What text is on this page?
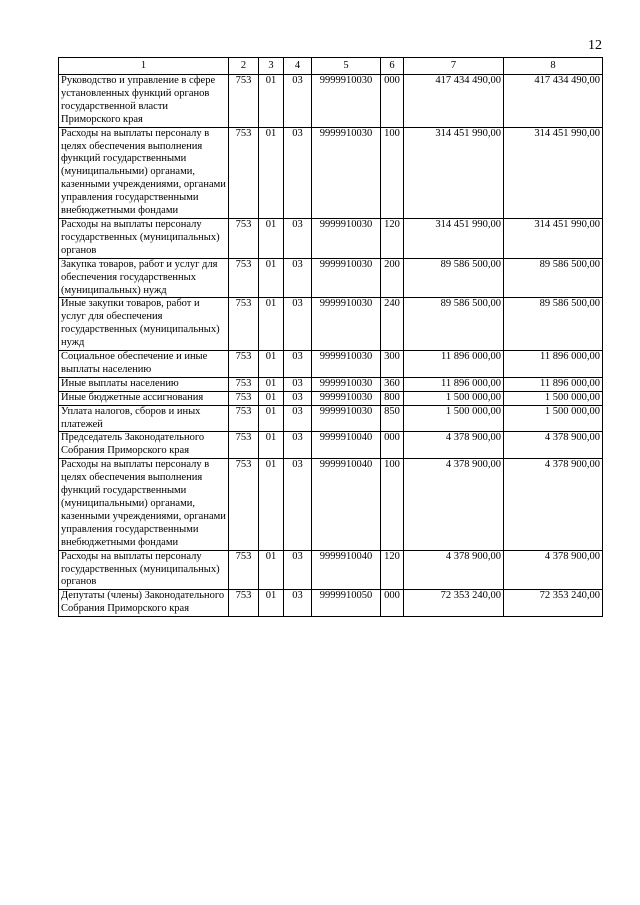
12
1	2	3	4	5	6	7	8
Руководство и управление в сфере установленных функций органов государственной власти Приморского края	753	01	03	9999910030	000	417 434 490,00	417 434 490,00
Расходы на выплаты персоналу в целях обеспечения выполнения функций государственными (муниципальными) органами, казенными учреждениями, органами управления государственными внебюджетными фондами	753	01	03	9999910030	100	314 451 990,00	314 451 990,00
Расходы на выплаты персоналу государственных (муниципальных) органов	753	01	03	9999910030	120	314 451 990,00	314 451 990,00
Закупка товаров, работ и услуг для обеспечения государственных (муниципальных) нужд	753	01	03	9999910030	200	89 586 500,00	89 586 500,00
Иные закупки товаров, работ и услуг для обеспечения государственных (муниципальных) нужд	753	01	03	9999910030	240	89 586 500,00	89 586 500,00
Социальное обеспечение и иные выплаты населению	753	01	03	9999910030	300	11 896 000,00	11 896 000,00
Иные выплаты населению	753	01	03	9999910030	360	11 896 000,00	11 896 000,00
Иные бюджетные ассигнования	753	01	03	9999910030	800	1 500 000,00	1 500 000,00
Уплата налогов, сборов и иных платежей	753	01	03	9999910030	850	1 500 000,00	1 500 000,00
Председатель Законодательного Собрания Приморского края	753	01	03	9999910040	000	4 378 900,00	4 378 900,00
Расходы на выплаты персоналу в целях обеспечения выполнения функций государственными (муниципальными) органами, казенными учреждениями, органами управления государственными внебюджетными фондами	753	01	03	9999910040	100	4 378 900,00	4 378 900,00
Расходы на выплаты персоналу государственных (муниципальных) органов	753	01	03	9999910040	120	4 378 900,00	4 378 900,00
Депутаты (члены) Законодательного Собрания Приморского края	753	01	03	9999910050	000	72 353 240,00	72 353 240,00
